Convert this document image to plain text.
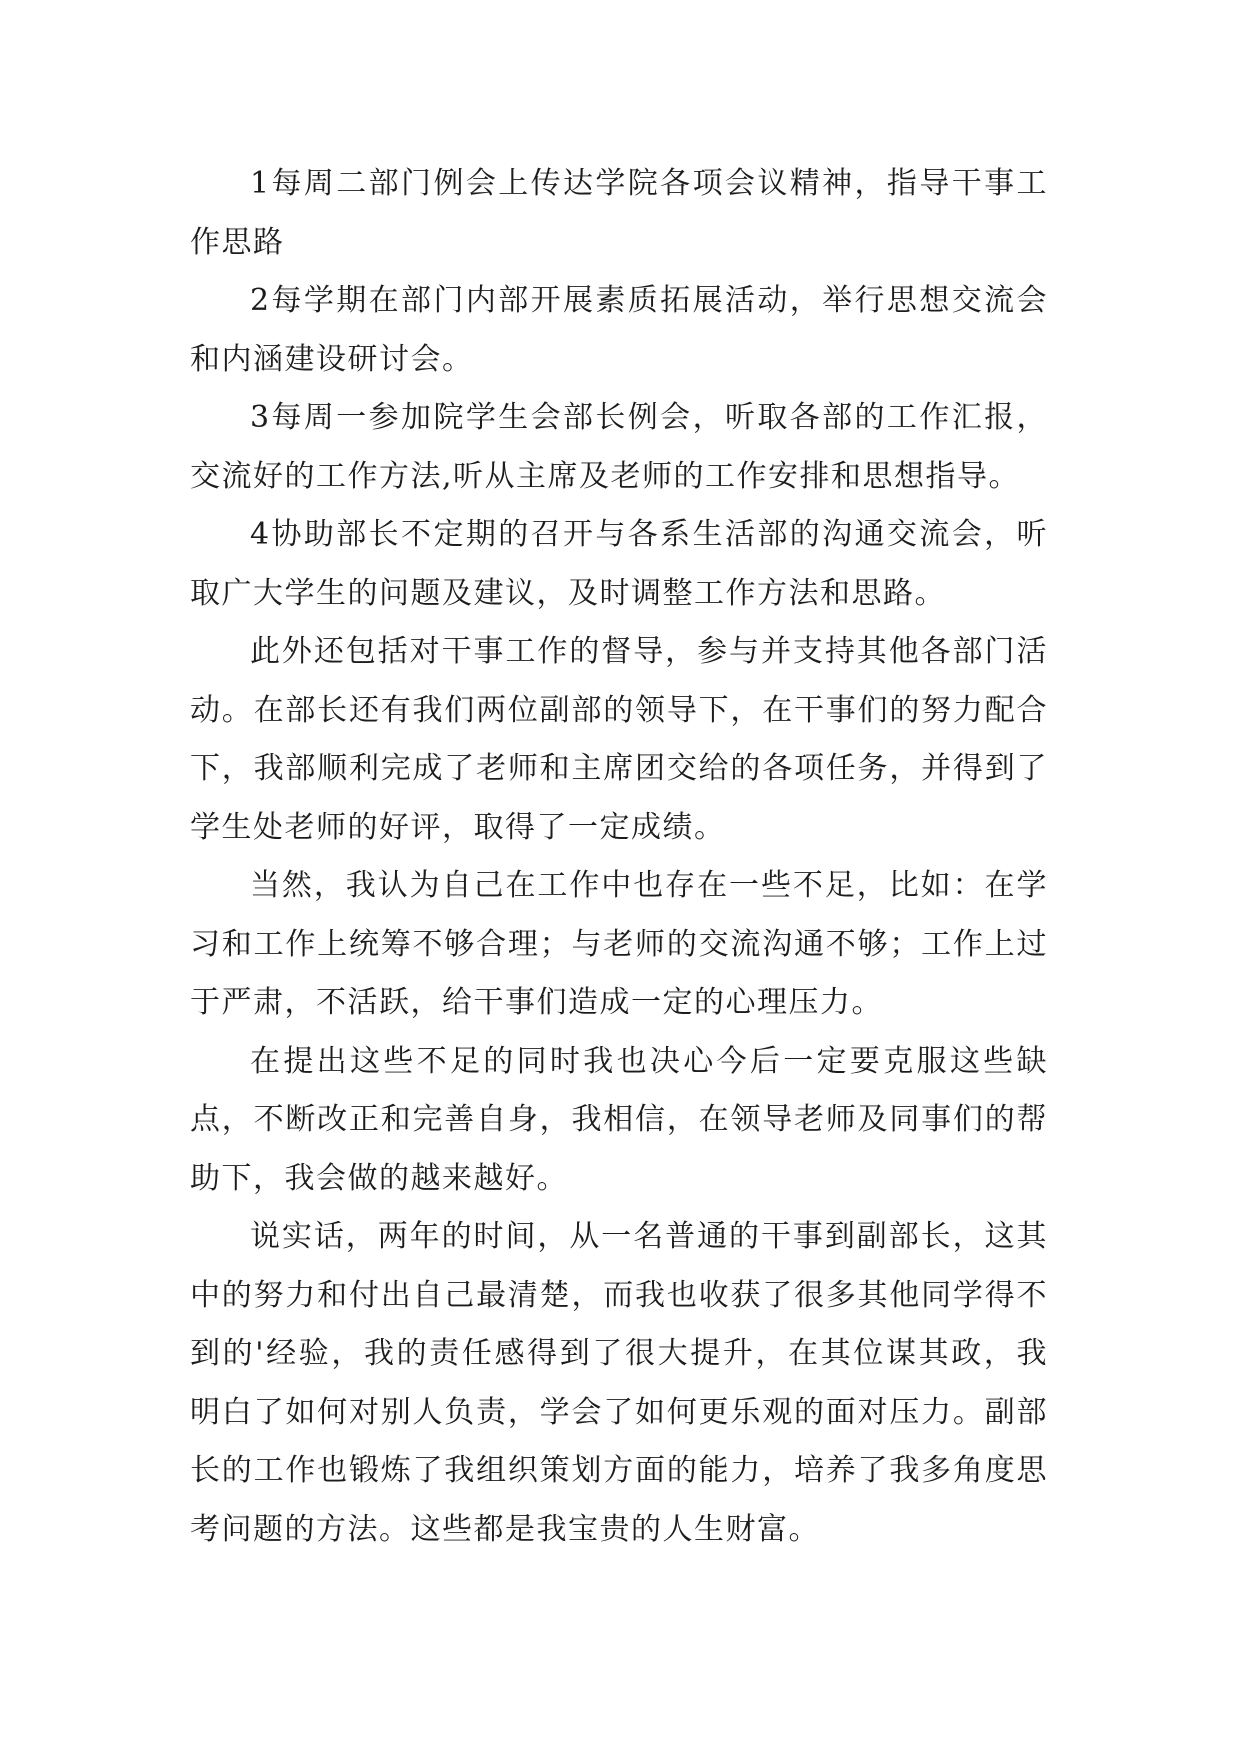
1每周二部门例会上传达学院各项会议精神，指导干事工作思路

2每学期在部门内部开展素质拓展活动，举行思想交流会和内涵建设研讨会。

3每周一参加院学生会部长例会，听取各部的工作汇报，交流好的工作方法,听从主席及老师的工作安排和思想指导。

4协助部长不定期的召开与各系生活部的沟通交流会，听取广大学生的问题及建议，及时调整工作方法和思路。

此外还包括对干事工作的督导，参与并支持其他各部门活动。在部长还有我们两位副部的领导下，在干事们的努力配合下，我部顺利完成了老师和主席团交给的各项任务，并得到了学生处老师的好评，取得了一定成绩。

当然，我认为自己在工作中也存在一些不足，比如：在学习和工作上统筹不够合理；与老师的交流沟通不够；工作上过于严肃，不活跃，给干事们造成一定的心理压力。

在提出这些不足的同时我也决心今后一定要克服这些缺点，不断改正和完善自身，我相信，在领导老师及同事们的帮助下，我会做的越来越好。

说实话，两年的时间，从一名普通的干事到副部长，这其中的努力和付出自己最清楚，而我也收获了很多其他同学得不到的'经验，我的责任感得到了很大提升，在其位谋其政，我明白了如何对别人负责，学会了如何更乐观的面对压力。副部长的工作也锻炼了我组织策划方面的能力，培养了我多角度思考问题的方法。这些都是我宝贵的人生财富。
